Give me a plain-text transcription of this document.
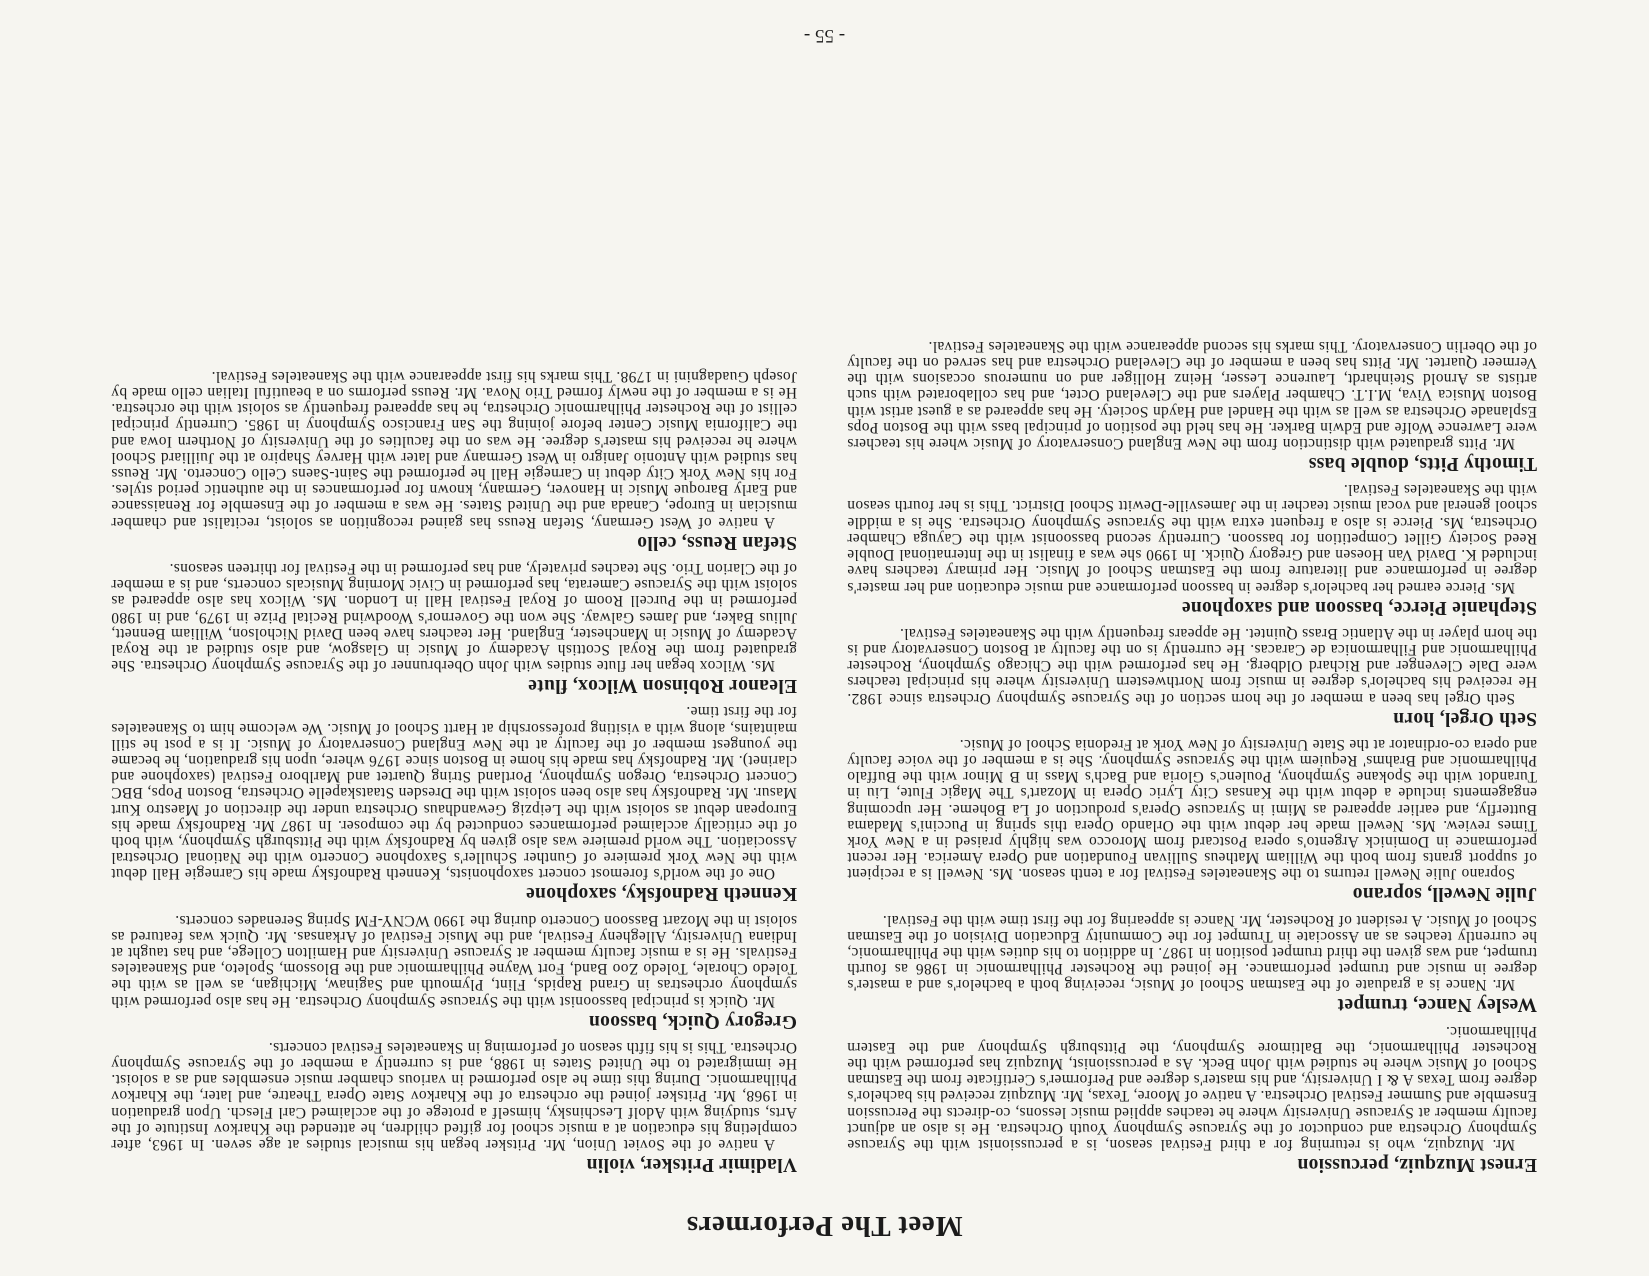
Meet The Performers
Ernest Muzquiz, percussion

Mr. Muzquiz, who is returning for a third Festival season, is a percussionist with the Syracuse Symphony Orchestra and conductor of the Syracuse Symphony Youth Orchestra. He is also an adjunct faculty member at Syracuse University where he teaches applied music lessons, co-directs the Percussion Ensemble and Summer Festival Orchestra. A native of Moore, Texas, Mr. Muzquiz received his bachelor's degree from Texas A & I University, and his master's degree and Performer's Certificate from the Eastman School of Music where he studied with John Beck. As a percussionist, Muzquiz has performed with the Rochester Philharmonic, the Baltimore Symphony, the Pittsburgh Symphony and the Eastern Philharmonic.

Wesley Nance, trumpet

Mr. Nance is a graduate of the Eastman School of Music, receiving both a bachelor's and a master's degree in music and trumpet performance. He joined the Rochester Philharmonic in 1986 as fourth trumpet, and was given the third trumpet position in 1987. In addition to his duties with the Philharmonic, he currently teaches as an Associate in Trumpet for the Community Education Division of the Eastman School of Music. A resident of Rochester, Mr. Nance is appearing for the first time with the Festival.

Julie Newell, soprano

Soprano Julie Newell returns to the Skaneateles Festival for a tenth season. Ms. Newell is a recipient of support grants from both the William Matheus Sullivan Foundation and Opera America. Her recent performance in Dominick Argento's opera Postcard from Morocco was highly praised in a New York Times review. Ms. Newell made her debut with the Orlando Opera this spring in Puccini's Madama Butterfly, and earlier appeared as Mimi in Syracuse Opera's production of La Boheme. Her upcoming engagements include a debut with the Kansas City Lyric Opera in Mozart's The Magic Flute, Liu in Turandot with the Spokane Symphony, Poulenc's Gloria and Bach's Mass in B Minor with the Buffalo Philharmonic and Brahms' Requiem with the Syracuse Symphony. She is a member of the voice faculty and opera co-ordinator at the State University of New York at Fredonia School of Music.

Seth Orgel, horn

Seth Orgel has been a member of the horn section of the Syracuse Symphony Orchestra since 1982. He received his bachelor's degree in music from Northwestern University where his principal teachers were Dale Clevenger and Richard Oldberg. He has performed with the Chicago Symphony, Rochester Philharmonic and Filharmonica de Caracas. He currently is on the faculty at Boston Conservatory and is the horn player in the Atlantic Brass Quintet. He appears frequently with the Skaneateles Festival.

Stephanie Pierce, bassoon and saxophone

Ms. Pierce earned her bachelor's degree in bassoon performance and music education and her master's degree in performance and literature from the Eastman School of Music. Her primary teachers have included K. David Van Hoesen and Gregory Quick. In 1990 she was a finalist in the International Double Reed Society Gillet Competition for bassoon. Currently second bassoonist with the Cayuga Chamber Orchestra, Ms. Pierce is also a frequent extra with the Syracuse Symphony Orchestra. She is a middle school general and vocal music teacher in the Jamesville-Dewitt School District. This is her fourth season with the Skaneateles Festival.

Timothy Pitts, double bass

Mr. Pitts graduated with distinction from the New England Conservatory of Music where his teachers were Lawrence Wolfe and Edwin Barker. He has held the position of principal bass with the Boston Pops Esplanade Orchestra as well as with the Handel and Haydn Society. He has appeared as a guest artist with Boston Musica Viva, M.I.T. Chamber Players and the Cleveland Octet, and has collaborated with such artists as Arnold Steinhardt, Laurence Lesser, Heinz Holliger and on numerous occasions with the Vermeer Quartet. Mr. Pitts has been a member of the Cleveland Orchestra and has served on the faculty of the Oberlin Conservatory. This marks his second appearance with the Skaneateles Festival.

Vladimir Pritsker, violin

A native of the Soviet Union, Mr. Pritsker began his musical studies at age seven. In 1963, after completing his education at a music school for gifted children, he attended the Kharkov Institute of the Arts, studying with Adolf Leschinsky, himself a protege of the acclaimed Carl Flesch. Upon graduation in 1968, Mr. Pritsker joined the orchestra of the Kharkov State Opera Theatre, and later, the Kharkov Philharmonic. During this time he also performed in various chamber music ensembles and as a soloist. He immigrated to the United States in 1988, and is currently a member of the Syracuse Symphony Orchestra. This is his fifth season of performing in Skaneateles Festival concerts.

Gregory Quick, bassoon

Mr. Quick is principal bassoonist with the Syracuse Symphony Orchestra. He has also performed with symphony orchestras in Grand Rapids, Flint, Plymouth and Saginaw, Michigan, as well as with the Toledo Chorale, Toledo Zoo Band, Fort Wayne Philharmonic and the Blossom, Spoleto, and Skaneateles Festivals. He is a music faculty member at Syracuse University and Hamilton College, and has taught at Indiana University, Allegheny Festival, and the Music Festival of Arkansas. Mr. Quick was featured as soloist in the Mozart Bassoon Concerto during the 1990 WCNY-FM Spring Serenades concerts.

Kenneth Radnofsky, saxophone

One of the world's foremost concert saxophonists, Kenneth Radnofsky made his Carnegie Hall debut with the New York premiere of Gunther Schuller's Saxophone Concerto with the National Orchestral Association. The world premiere was also given by Radnofsky with the Pittsburgh Symphony, with both of the critically acclaimed performances conducted by the composer. In 1987 Mr. Radnofsky made his European debut as soloist with the Leipzig Gewandhaus Orchestra under the direction of Maestro Kurt Masur. Mr. Radnofsky has also been soloist with the Dresden Staatskapelle Orchestra, Boston Pops, BBC Concert Orchestra, Oregon Symphony, Portland String Quartet and Marlboro Festival (saxophone and clarinet). Mr. Radnofsky has made his home in Boston since 1976 where, upon his graduation, he became the youngest member of the faculty at the New England Conservatory of Music. It is a post he still maintains, along with a visiting professorship at Hartt School of Music. We welcome him to Skaneateles for the first time.

Eleanor Robinson Wilcox, flute

Ms. Wilcox began her flute studies with John Oberbrunner of the Syracuse Symphony Orchestra. She graduated from the Royal Scottish Academy of Music in Glasgow, and also studied at the Royal Academy of Music in Manchester, England. Her teachers have been David Nicholson, William Bennett, Julius Baker, and James Galway. She won the Governor's Woodwind Recital Prize in 1979, and in 1980 performed in the Purcell Room of Royal Festival Hall in London. Ms. Wilcox has also appeared as soloist with the Syracuse Camerata, has performed in Civic Morning Musicals concerts, and is a member of the Clarion Trio. She teaches privately, and has performed in the Festival for thirteen seasons.

Stefan Reuss, cello

A native of West Germany, Stefan Reuss has gained recognition as soloist, recitalist and chamber musician in Europe, Canada and the United States. He was a member of the Ensemble for Renaissance and Early Baroque Music in Hanover, Germany, known for performances in the authentic period styles. For his New York City debut in Carnegie Hall he performed the Saint-Saens Cello Concerto. Mr. Reuss has studied with Antonio Janigro in West Germany and later with Harvey Shapiro at the Juilliard School where he received his master's degree. He was on the faculties of the University of Northern Iowa and the California Music Center before joining the San Francisco Symphony in 1985. Currently principal cellist of the Rochester Philharmonic Orchestra, he has appeared frequently as soloist with the orchestra. He is a member of the newly formed Trio Nova. Mr. Reuss performs on a beautiful Italian cello made by Joseph Guadagnini in 1798. This marks his first appearance with the Skaneateles Festival.

- 55 -
